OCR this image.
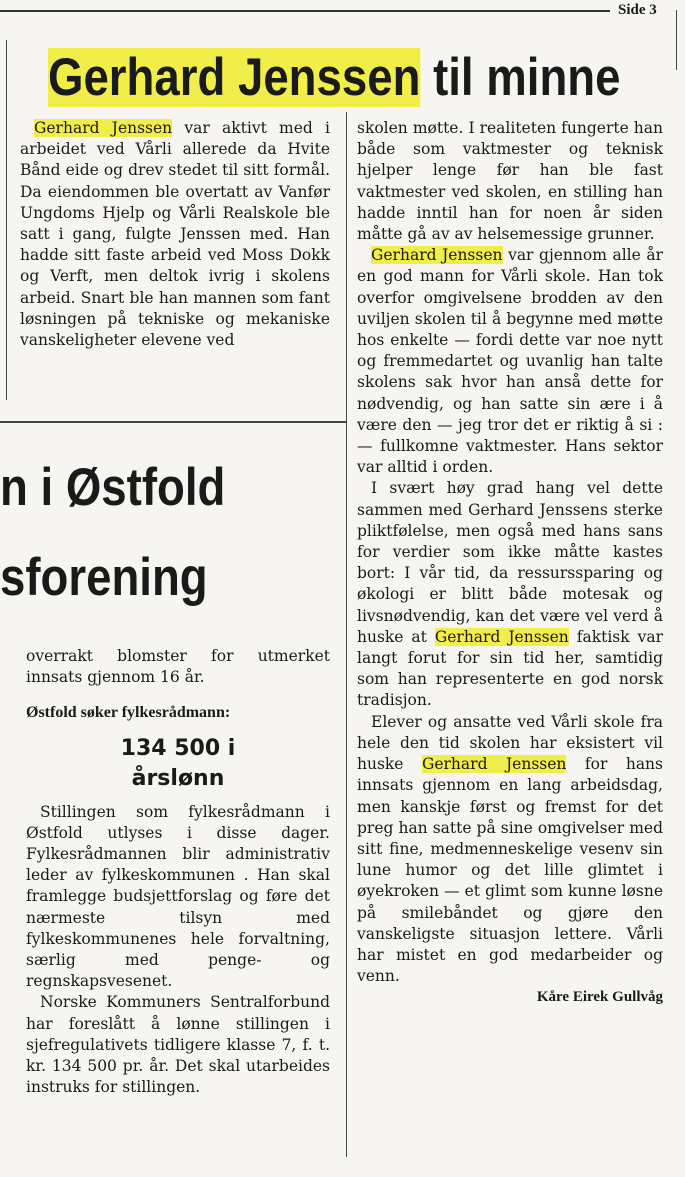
Side 3
Gerhard Jenssen til minne

Gerhard Jenssen var aktivt med i arbeidet ved Vårli allerede da Hvite Bånd eide og drev stedet til sitt formål. Da eiendommen ble overtatt av Vanfør Ungdoms Hjelp og Vårli Realskole ble satt i gang, fulgte Jenssen med. Han hadde sitt faste arbeid ved Moss Dokk og Verft, men deltok ivrig i skolens arbeid. Snart ble han mannen som fant løsningen på tekniske og mekaniske vanskeligheter elevene ved

skolen møtte. I realiteten fungerte han både som vaktmester og teknisk hjelper lenge før han ble fast vaktmester ved skolen, en stilling han hadde inntil han for noen år siden måtte gå av av helsemessige grunner.

Gerhard Jenssen var gjennom alle år en god mann for Vårli skole. Han tok overfor omgivelsene brodden av den uviljen skolen til å begynne med møtte hos enkelte — fordi dette var noe nytt og fremmedartet og uvanlig han talte skolens sak hvor han anså dette for nødvendig, og han satte sin ære i å være den — jeg tror det er riktig å si : — fullkomne vaktmester. Hans sektor var alltid i orden.

I svært høy grad hang vel dette sammen med Gerhard Jenssens sterke pliktfølelse, men også med hans sans for verdier som ikke måtte kastes bort: I vår tid, da ressurssparing og økologi er blitt både motesak og livsnødvendig, kan det være vel verd å huske at Gerhard Jenssen faktisk var langt forut for sin tid her, samtidig som han representerte en god norsk tradisjon.

Elever og ansatte ved Vårli skole fra hele den tid skolen har eksistert vil huske Gerhard Jenssen for hans innsats gjennom en lang arbeidsdag, men kanskje først og fremst for det preg han satte på sine omgivelser med sitt fine, medmenneskelige vesenv sin lune humor og det lille glimtet i øyekroken — et glimt som kunne løsne på smilebåndet og gjøre den vanskeligste situasjon lettere. Vårli har mistet en god medarbeider og venn.

Kåre Eirek Gullvåg
n i Østfold
sforening

overrakt blomster for utmerket innsats gjennom 16 år.

Østfold søker fylkesrådmann:
134 500 i
årslønn

Stillingen som fylkesrådmann i Østfold utlyses i disse dager. Fylkesrådmannen blir administrativ leder av fylkeskommunen . Han skal framlegge budsjettforslag og føre det nærmeste tilsyn med fylkeskommunenes hele forvaltning, særlig med penge- og regnskapsvesenet.

Norske Kommuners Sentralforbund har foreslått å lønne stillingen i sjefregulativets tidligere klasse 7, f. t. kr. 134 500 pr. år. Det skal utarbeides instruks for stillingen.
